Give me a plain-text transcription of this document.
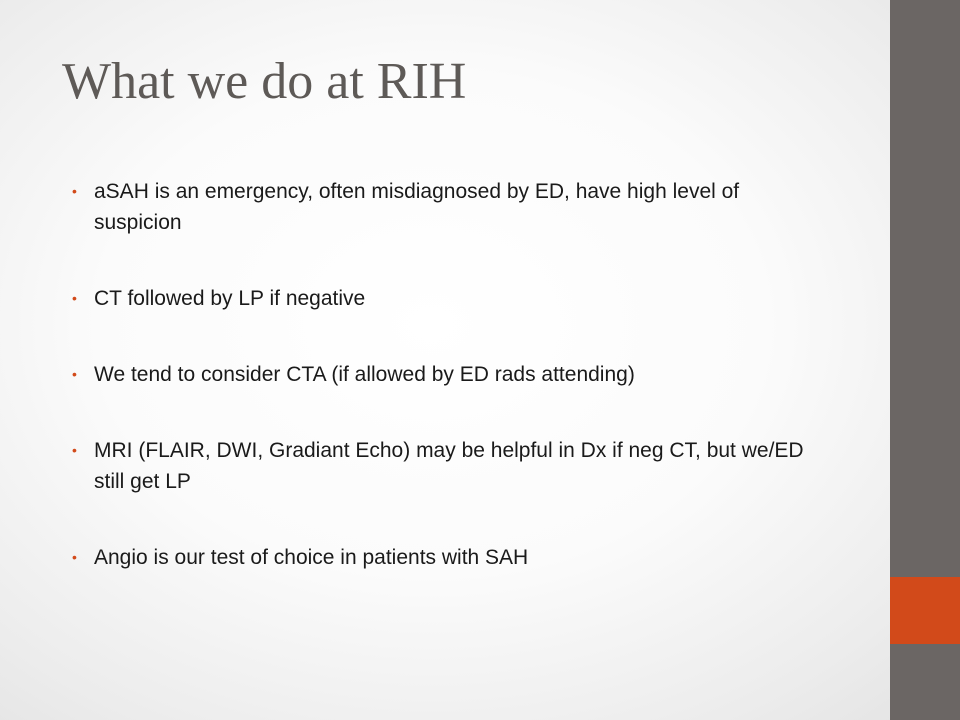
What we do at RIH
• aSAH is an emergency, often misdiagnosed by ED, have high level of suspicion
• CT followed by LP if negative
• We tend to consider CTA (if allowed by ED rads attending)
• MRI (FLAIR, DWI, Gradiant Echo) may be helpful in Dx if neg CT, but we/ED still get LP
• Angio is our test of choice in patients with SAH
